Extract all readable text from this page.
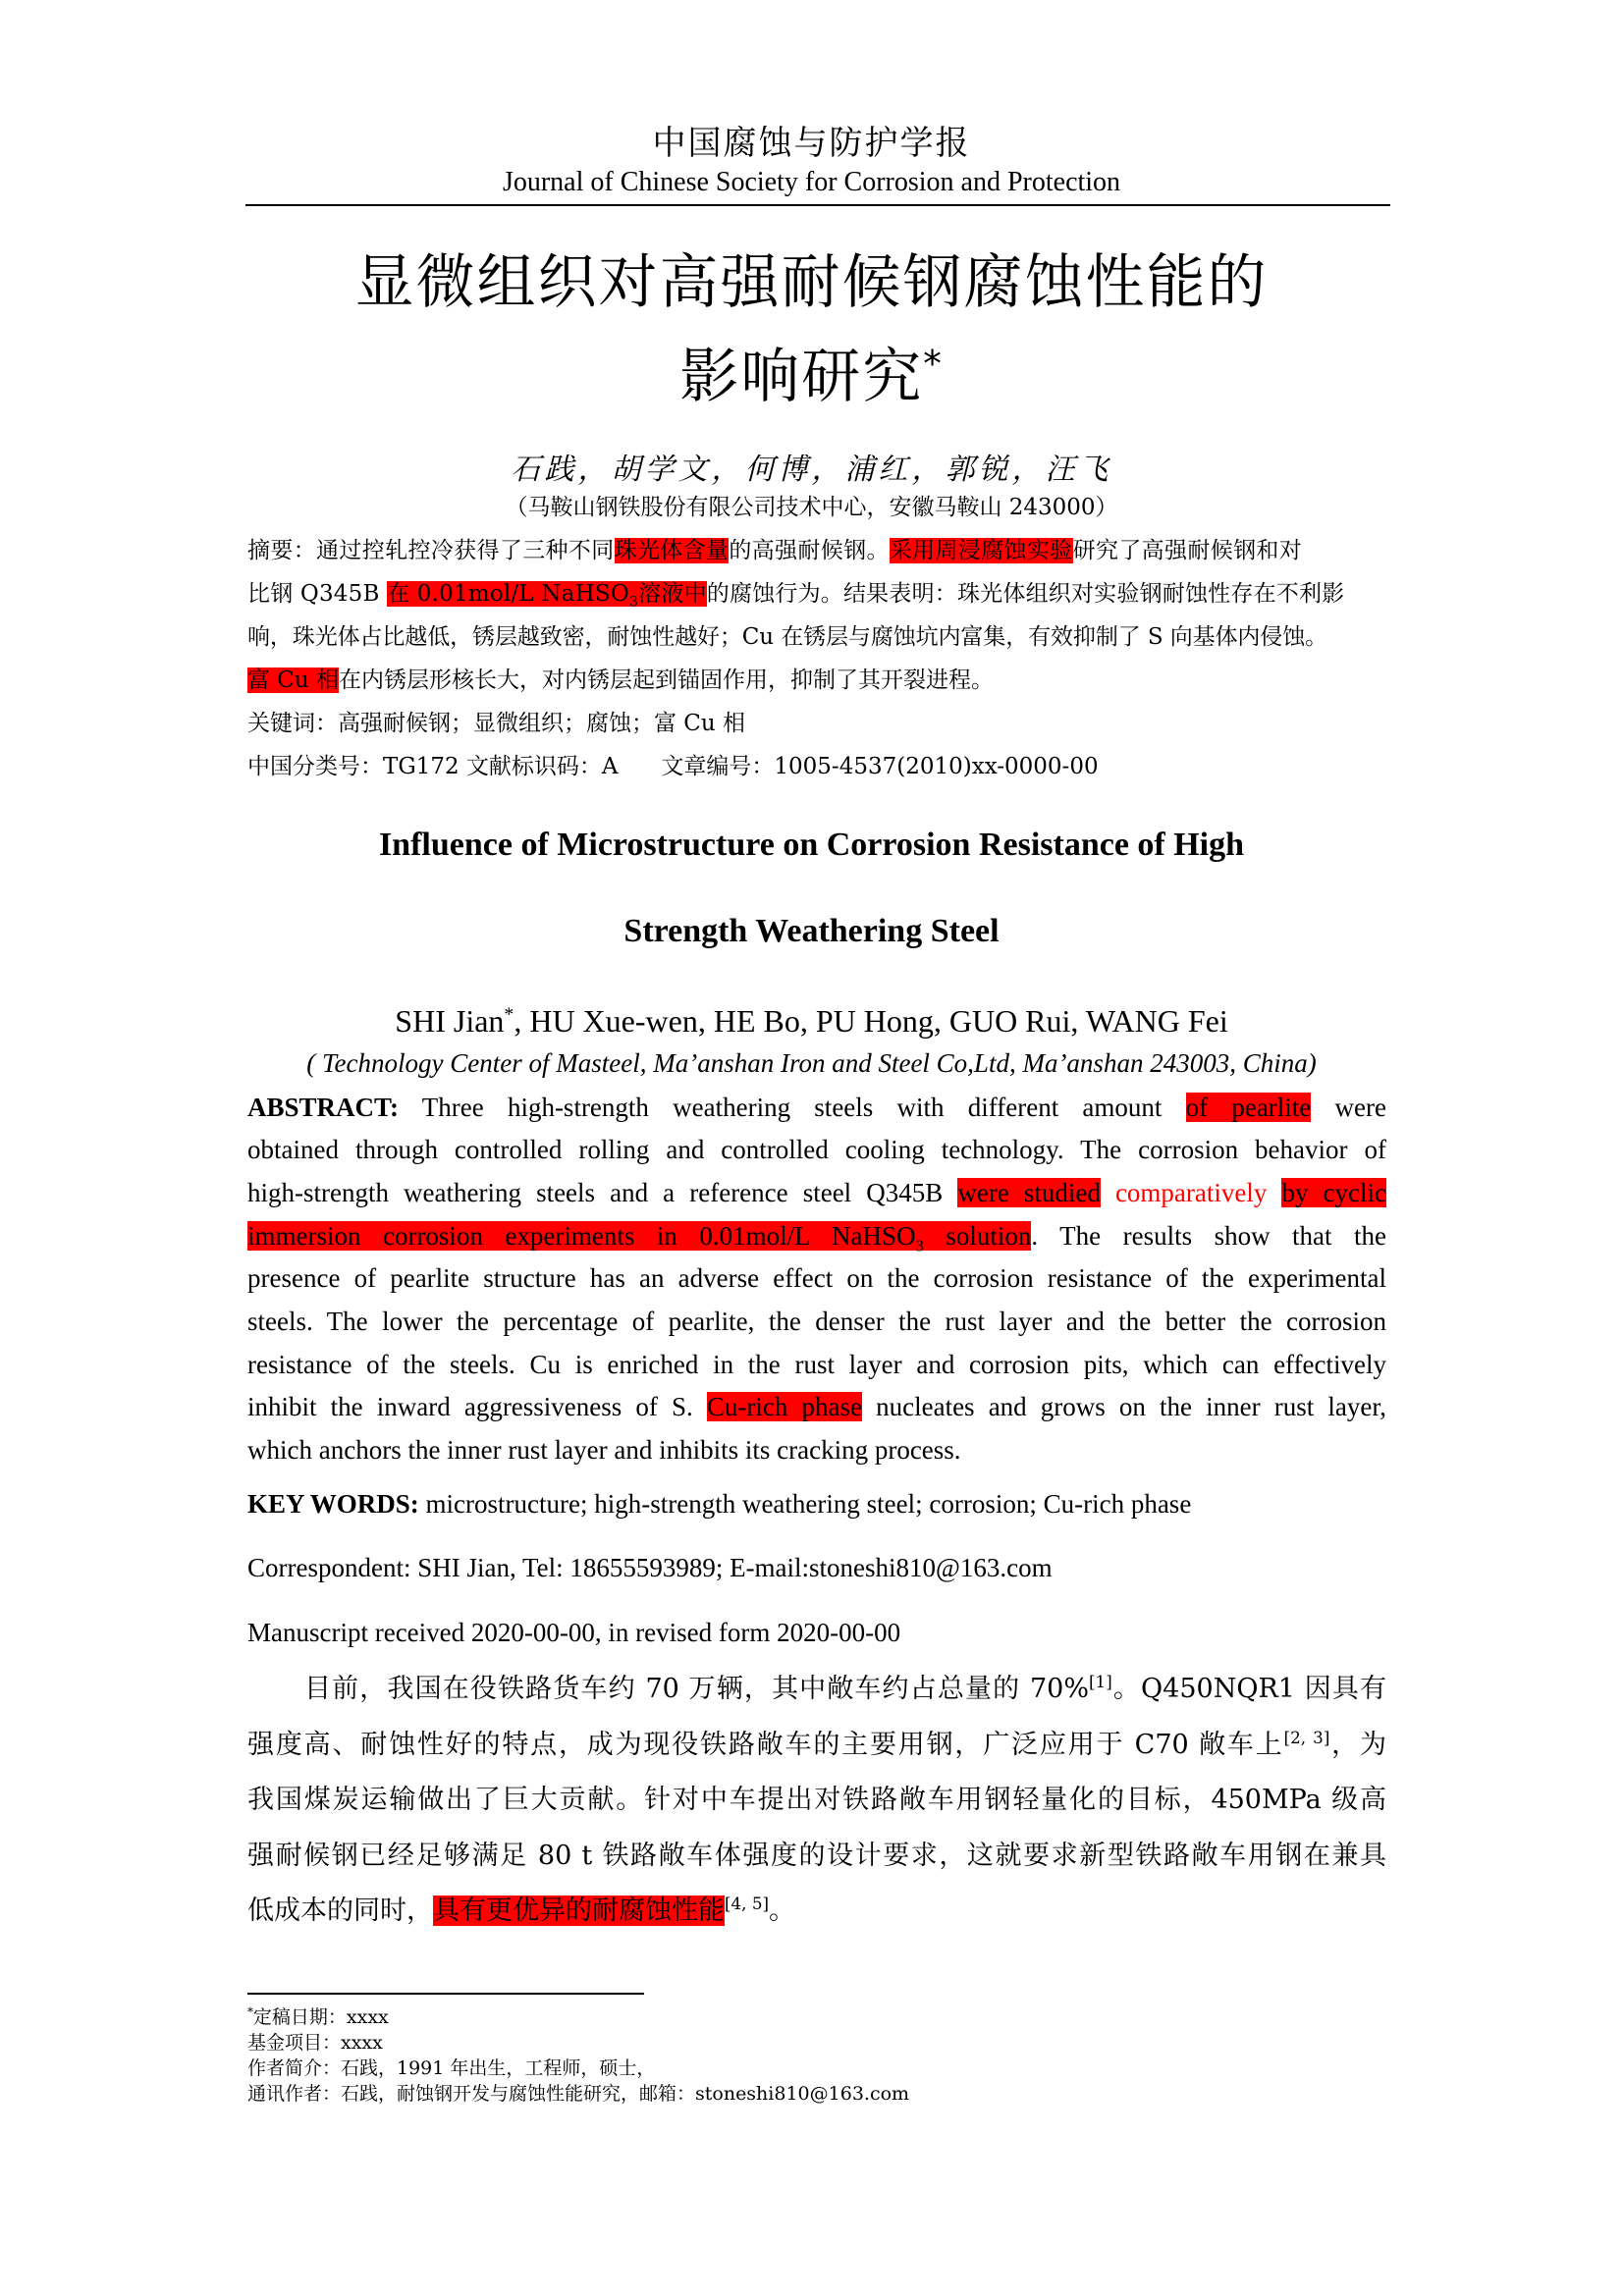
中国腐蚀与防护学报
Journal of Chinese Society for Corrosion and Protection
显微组织对高强耐候钢腐蚀性能的
影响研究*
石践，胡学文，何博，浦红，郭锐，汪飞
（马鞍山钢铁股份有限公司技术中心，安徽马鞍山 243000）
摘要：通过控轧控冷获得了三种不同珠光体含量的高强耐候钢。采用周浸腐蚀实验研究了高强耐候钢和对
比钢 Q345B 在 0.01mol/L NaHSO$_3$溶液中的腐蚀行为。结果表明：珠光体组织对实验钢耐蚀性存在不利影
响，珠光体占比越低，锈层越致密，耐蚀性越好；Cu 在锈层与腐蚀坑内富集，有效抑制了 S 向基体内侵蚀。
富 Cu 相在内锈层形核长大，对内锈层起到锚固作用，抑制了其开裂进程。
关键词：高强耐候钢；显微组织；腐蚀；富 Cu 相
中国分类号：TG172 文献标识码：A      文章编号：1005-4537(2010)xx-0000-00
Influence of Microstructure on Corrosion Resistance of High
Strength Weathering Steel
SHI Jian*, HU Xue-wen, HE Bo, PU Hong, GUO Rui, WANG Fei
( Technology Center of Masteel, Ma’anshan Iron and Steel Co,Ltd, Ma’anshan 243003, China)
ABSTRACT: Three high-strength weathering steels with different amount of pearlite were
obtained through controlled rolling and controlled cooling technology. The corrosion behavior of
high-strength weathering steels and a reference steel Q345B were studied comparatively by cyclic
immersion corrosion experiments in 0.01mol/L NaHSO$_3$ solution. The results show that the
presence of pearlite structure has an adverse effect on the corrosion resistance of the experimental
steels. The lower the percentage of pearlite, the denser the rust layer and the better the corrosion
resistance of the steels. Cu is enriched in the rust layer and corrosion pits, which can effectively
inhibit the inward aggressiveness of S. Cu-rich phase nucleates and grows on the inner rust layer,
which anchors the inner rust layer and inhibits its cracking process.
KEY WORDS: microstructure; high-strength weathering steel; corrosion; Cu-rich phase
Correspondent: SHI Jian, Tel: 18655593989; E-mail:stoneshi810@163.com
Manuscript received 2020-00-00, in revised form 2020-00-00
目前，我国在役铁路货车约 70 万辆，其中敞车约占总量的 70%[1]。Q450NQR1 因具有
强度高、耐蚀性好的特点，成为现役铁路敞车的主要用钢，广泛应用于 C70 敞车上[2, 3]，为
我国煤炭运输做出了巨大贡献。针对中车提出对铁路敞车用钢轻量化的目标，450MPa 级高
强耐候钢已经足够满足 80 t 铁路敞车体强度的设计要求，这就要求新型铁路敞车用钢在兼具
低成本的同时，具有更优异的耐腐蚀性能[4, 5]。
*定稿日期：xxxx
基金项目：xxxx
作者简介：石践，1991 年出生，工程师，硕士，
通讯作者：石践，耐蚀钢开发与腐蚀性能研究，邮箱：stoneshi810@163.com
